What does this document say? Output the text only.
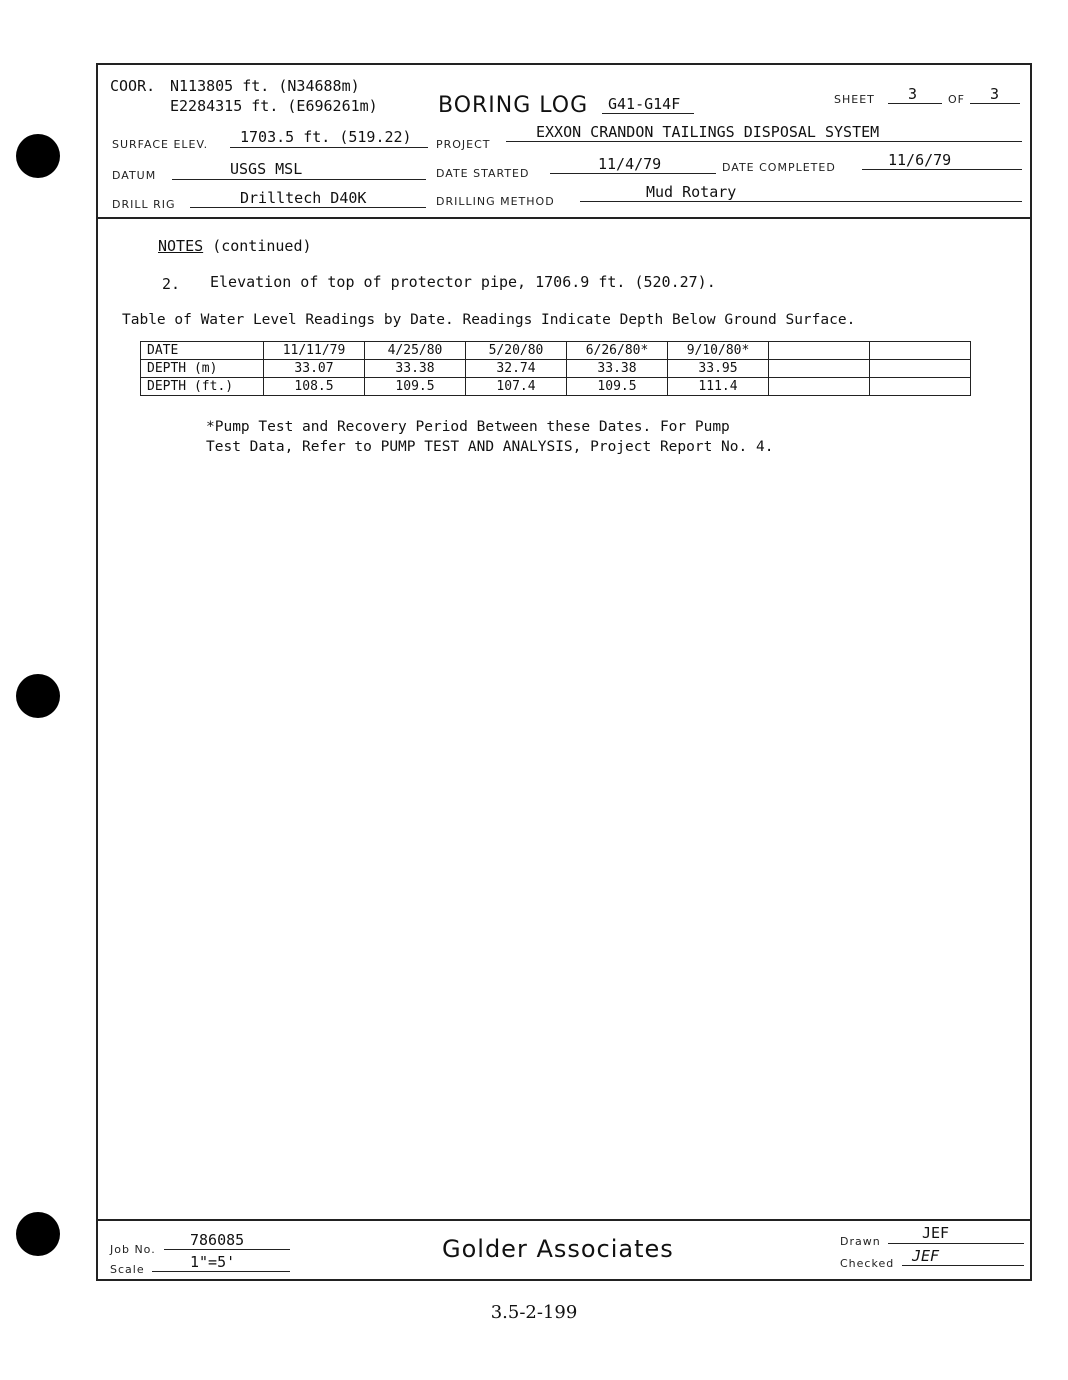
COOR. N113805 ft. (N34688m)
E2284315 ft. (E696261m)	BORING LOG G41-G14F	SHEET 3	OF 3
SURFACE ELEV. 1703.5 ft. (519.22) PROJECT
EXXON CRANDON TAILINGS DISPOSAL SYSTEM
DATUM	USGS MSL	DATE STARTED
11/4/79	DATE COMPLETED	11/6/79
DRILL RIG	Drilltech D40K	DRILLING METHOD
Mud Rotary
NOTES (continued)
2. Elevation of top of protector pipe, 1706.9 ft. (520.27).
Table of Water Level Readings by Date. Readings Indicate Depth Below Ground Surface.
DATE	11/11/79	4/25/80	5/20/80	6/26/80*	9/10/80*		
DEPTH (m)	33.07	33.38	32.74	33.38	33.95		
DEPTH (ft.)	108.5	109.5	107.4	109.5	111.4		
*Pump Test and Recovery Period Between these Dates. For Pump
Test Data, Refer to PUMP TEST AND ANALYSIS, Project Report No. 4.
Job No.
786085
Scale	1"=5'	Golder Associates	Drawn	JEF
Checked JEF
3.5-2-199
